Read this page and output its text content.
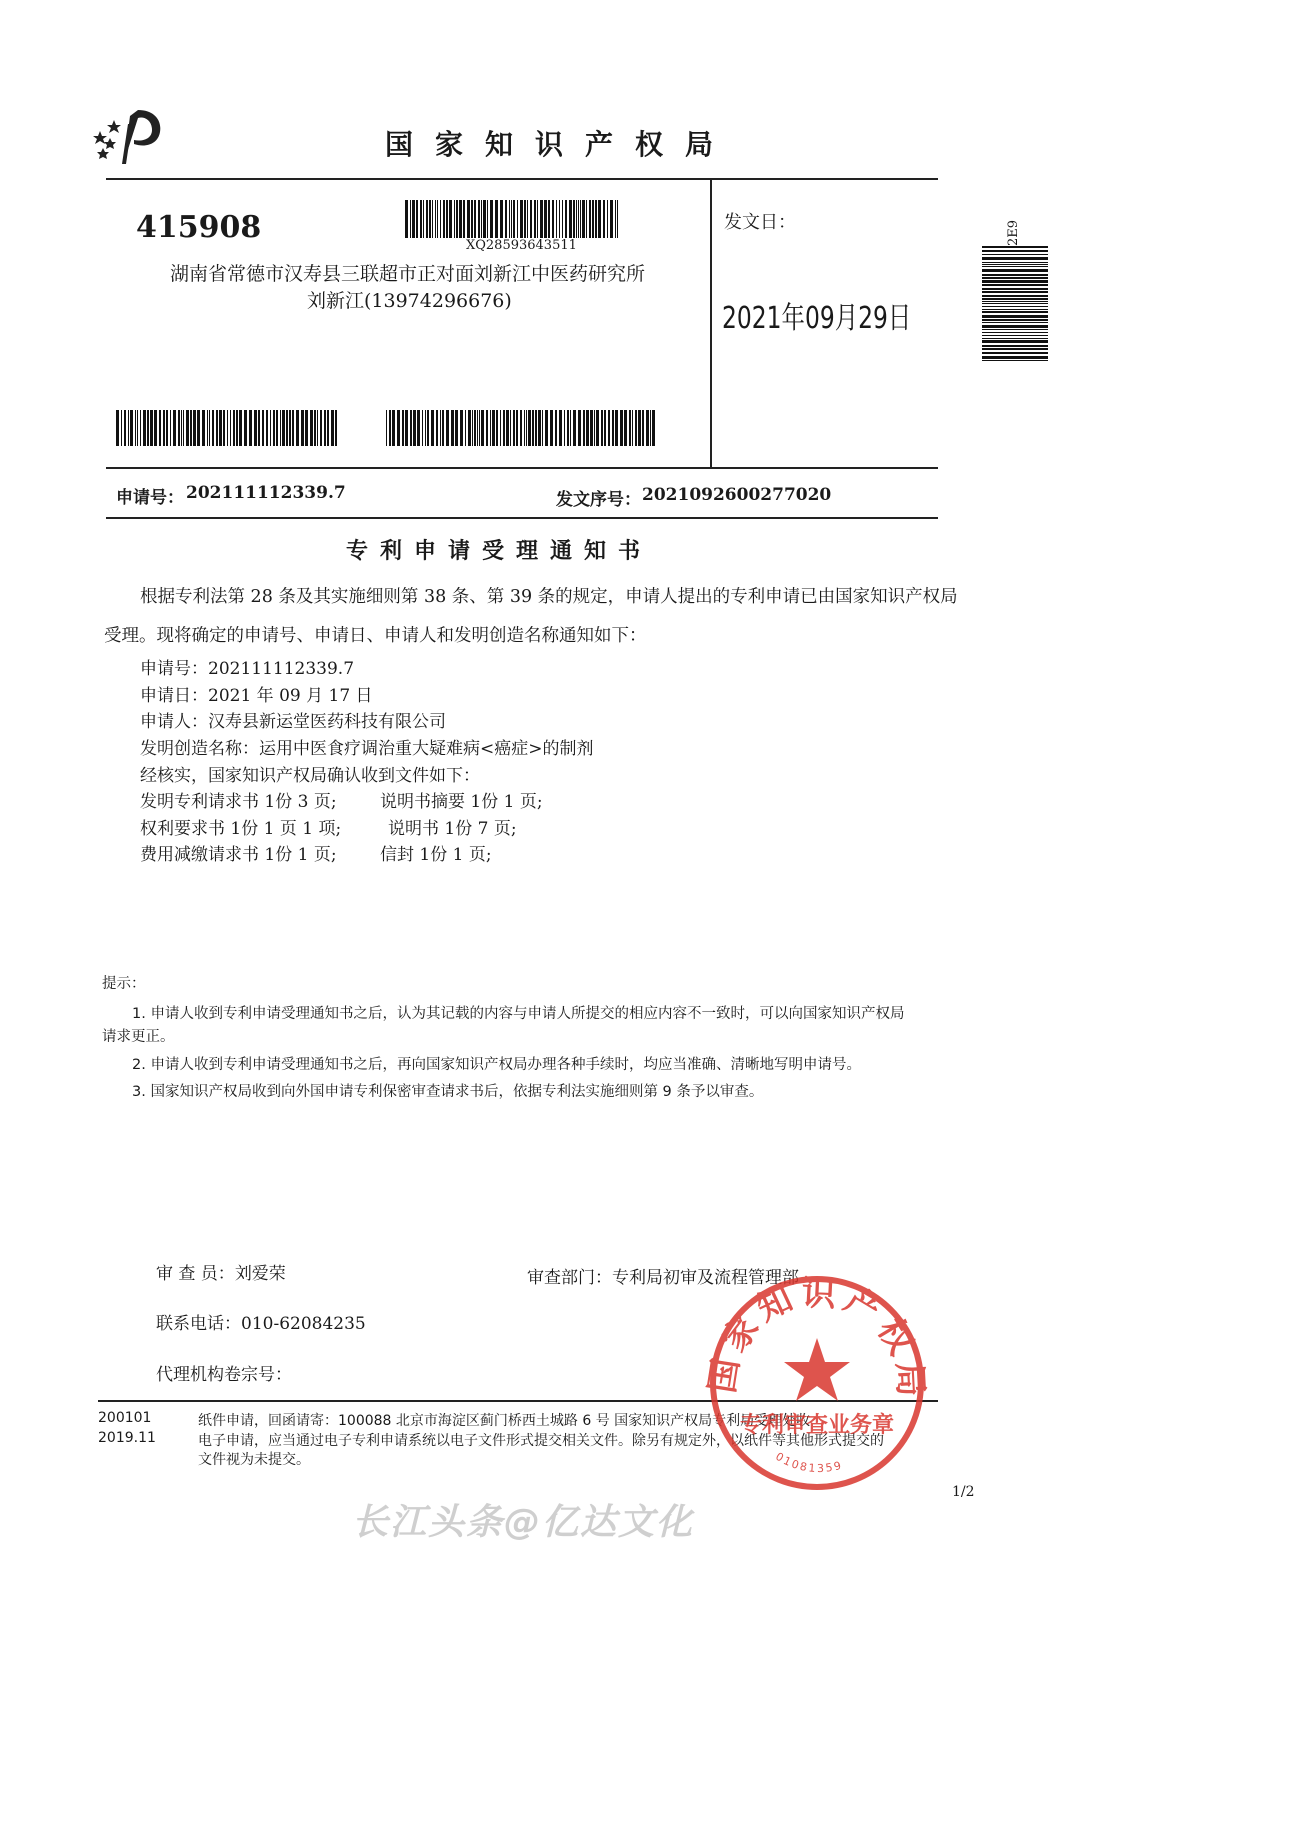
国家知识产权局
415908
XQ28593643511
湖南省常德市汉寿县三联超市正对面刘新江中医药研究所
刘新江(13974296676)
发文日：
2021年09月29日
2E9
申请号： 202111112339.7	发文序号： 2021092600277020
专利申请受理通知书
根据专利法第 28 条及其实施细则第 38 条、第 39 条的规定，申请人提出的专利申请已由国家知识产权局
受理。现将确定的申请号、申请日、申请人和发明创造名称通知如下：
申请号：202111112339.7
申请日：2021 年 09 月 17 日
申请人：汉寿县新运堂医药科技有限公司
发明创造名称：运用中医食疗调治重大疑难病<癌症>的制剂
经核实，国家知识产权局确认收到文件如下：
发明专利请求书 1份 3 页;	说明书摘要 1份 1 页;
权利要求书 1份 1 页 1 项;	说明书 1份 7 页;
费用减缴请求书 1份 1 页;	信封 1份 1 页;
提示：
1. 申请人收到专利申请受理通知书之后，认为其记载的内容与申请人所提交的相应内容不一致时，可以向国家知识产权局
请求更正。
2. 申请人收到专利申请受理通知书之后，再向国家知识产权局办理各种手续时，均应当准确、清晰地写明申请号。
3. 国家知识产权局收到向外国申请专利保密审查请求书后，依据专利法实施细则第 9 条予以审查。
审 查 员：刘爱荣	审查部门：专利局初审及流程管理部
联系电话：010-62084235
代理机构卷宗号：
200101
2019.11
纸件申请，回函请寄：100088 北京市海淀区蓟门桥西土城路 6 号 国家知识产权局专利局受理处收
电子申请，应当通过电子专利申请系统以电子文件形式提交相关文件。除另有规定外，以纸件等其他形式提交的
文件视为未提交。
1/2
国家知识产权局
专利审查业务章
01081359
长江头条@亿达文化
